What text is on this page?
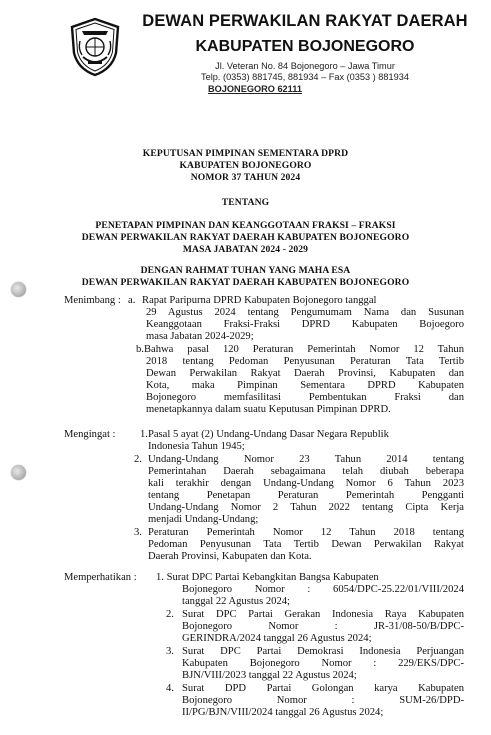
DEWAN PERWAKILAN RAKYAT DAERAH
KABUPATEN BOJONEGORO
Jl. Veteran No. 84 Bojonegoro – Jawa Timur
Telp. (0353) 881745, 881934 – Fax (0353 ) 881934
BOJONEGORO 62111
KEPUTUSAN PIMPINAN SEMENTARA DPRD
KABUPATEN BOJONEGORO
NOMOR 37 TAHUN 2024
TENTANG
PENETAPAN PIMPINAN DAN KEANGGOTAAN FRAKSI – FRAKSI
DEWAN PERWAKILAN RAKYAT DAERAH KABUPATEN BOJONEGORO
MASA JABATAN 2024 - 2029
DENGAN RAHMAT TUHAN YANG MAHA ESA
DEWAN PERWAKILAN RAKYAT DAERAH KABUPATEN BOJONEGORO
Menimbang : a. Rapat Paripurna DPRD Kabupaten Bojonegoro tanggal
29 Agustus 2024 tentang Pengumumam Nama dan Susunan
Keanggotaan Fraksi-Fraksi DPRD Kabupaten Bojoegoro
masa Jabatan 2024-2029;
b.Bahwa pasal 120 Peraturan Pemerintah Nomor 12 Tahun
2018 tentang Pedoman Penyusunan Peraturan Tata Tertib
Dewan Perwakilan Rakyat Daerah Provinsi, Kabupaten dan
Kota, maka Pimpinan Sementara DPRD Kabupaten
Bojonegoro memfasilitasi Pembentukan Fraksi dan
menetapkannya dalam suatu Keputusan Pimpinan DPRD.
Mengingat : 1.Pasal 5 ayat (2) Undang-Undang Dasar Negara Republik
Indonesia Tahun 1945;
2. Undang-Undang Nomor 23 Tahun 2014 tentang
Pemerintahan Daerah sebagaimana telah diubah beberapa
kali terakhir dengan Undang-Undang Nomor 6 Tahun 2023
tentang Penetapan Peraturan Pemerintah Pengganti
Undang-Undang Nomor 2 Tahun 2022 tentang Cipta Kerja
menjadi Undang-Undang;
3. Peraturan Pemerintah Nomor 12 Tahun 2018 tentang
Pedoman Penyusunan Tata Tertib Dewan Perwakilan Rakyat
Daerah Provinsi, Kabupaten dan Kota.
Memperhatikan : 1. Surat DPC Partai Kebangkitan Bangsa Kabupaten
Bojonegoro Nomor : 6054/DPC-25.22/01/VIII/2024
tanggal 22 Agustus 2024;
2. Surat DPC Partai Gerakan Indonesia Raya Kabupaten
Bojonegoro Nomor : JR-31/08-50/B/DPC-
GERINDRA/2024 tanggal 26 Agustus 2024;
3. Surat DPC Partai Demokrasi Indonesia Perjuangan
Kabupaten Bojonegoro Nomor : 229/EKS/DPC-
BJN/VIII/2023 tanggal 22 Agustus 2024;
4. Surat DPD Partai Golongan karya Kabupaten
Bojonegoro Nomor : SUM-26/DPD-
II/PG/BJN/VIII/2024 tanggal 26 Agustus 2024;
